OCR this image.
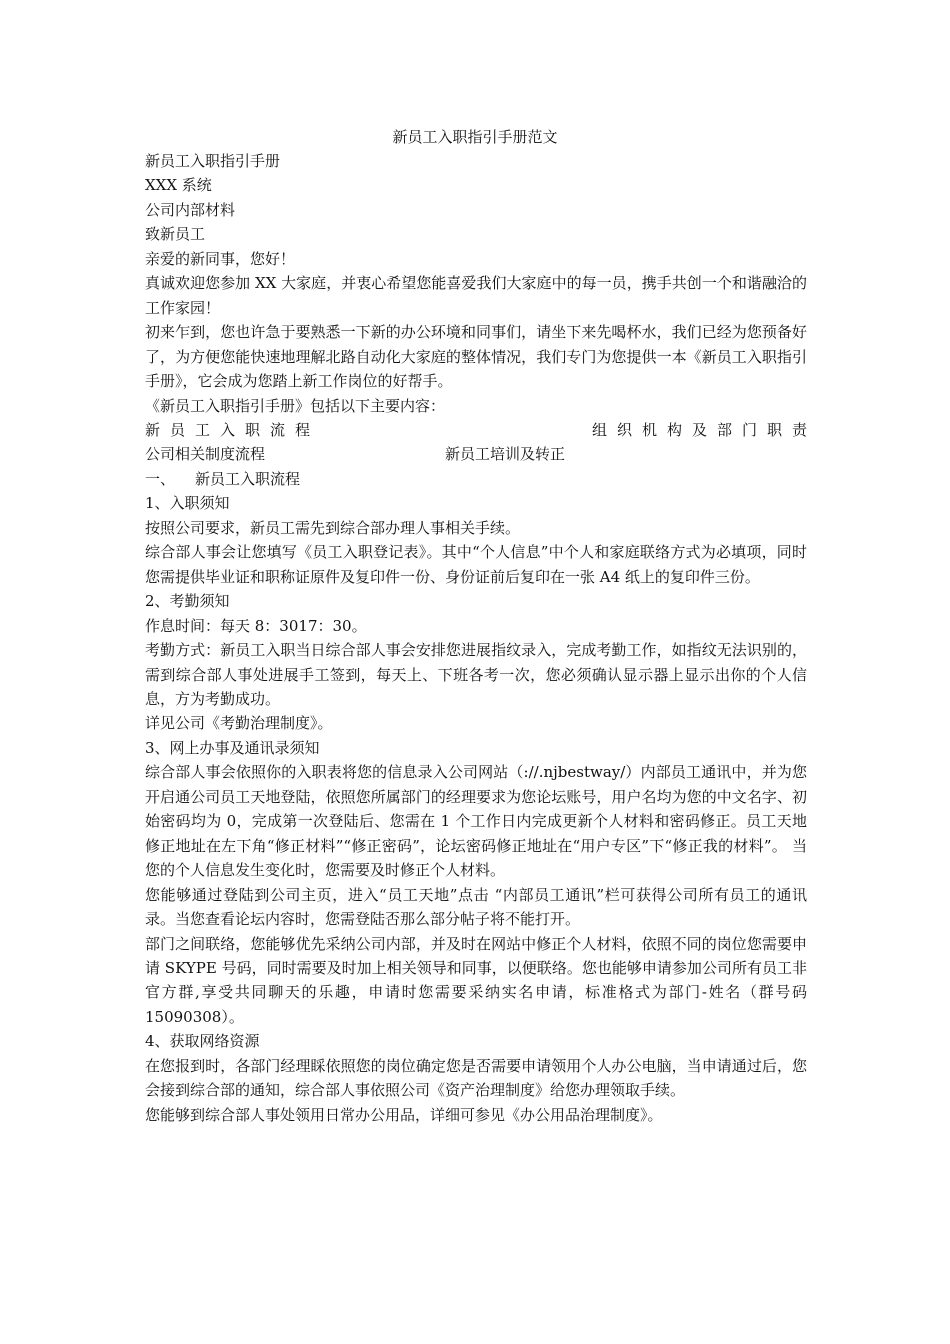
新员工入职指引手册范文

新员工入职指引手册

XXX 系统

公司内部材料

致新员工

亲爱的新同事，您好！

真诚欢迎您参加 XX 大家庭，并衷心希望您能喜爱我们大家庭中的每一员，携手共创一个和谐融洽的工作家园！

初来乍到，您也许急于要熟悉一下新的办公环境和同事们，请坐下来先喝杯水，我们已经为您预备好了，为方便您能快速地理解北路自动化大家庭的整体情况，我们专门为您提供一本《新员工入职指引手册》，它会成为您踏上新工作岗位的好帮手。

《新员工入职指引手册》包括以下主要内容：

新员工入职流程	组织机构及部门职责
公司相关制度流程	新员工培训及转正

一、 新员工入职流程

1、入职须知

按照公司要求，新员工需先到综合部办理人事相关手续。

综合部人事会让您填写《员工入职登记表》。其中“个人信息”中个人和家庭联络方式为必填项，同时您需提供毕业证和职称证原件及复印件一份、身份证前后复印在一张 A4 纸上的复印件三份。

2、考勤须知

作息时间：每天 8：3017：30。

考勤方式：新员工入职当日综合部人事会安排您进展指纹录入，完成考勤工作，如指纹无法识别的，需到综合部人事处进展手工签到，每天上、下班各考一次，您必须确认显示器上显示出你的个人信息，方为考勤成功。

详见公司《考勤治理制度》。

3、网上办事及通讯录须知

综合部人事会依照你的入职表将您的信息录入公司网站（://.njbestway/）内部员工通讯中，并为您开启通公司员工天地登陆，依照您所属部门的经理要求为您论坛账号，用户名均为您的中文名字、初始密码均为 0，完成第一次登陆后、您需在 1 个工作日内完成更新个人材料和密码修正。员工天地修正地址在左下角“修正材料”“修正密码”，论坛密码修正地址在“用户专区”下“修正我的材料”。 当您的个人信息发生变化时，您需要及时修正个人材料。

您能够通过登陆到公司主页，进入“员工天地”点击 “内部员工通讯”栏可获得公司所有员工的通讯录。当您查看论坛内容时，您需登陆否那么部分帖子将不能打开。

部门之间联络，您能够优先采纳公司内部，并及时在网站中修正个人材料，依照不同的岗位您需要申请 SKYPE 号码，同时需要及时加上相关领导和同事，以便联络。您也能够申请参加公司所有员工非官方群,享受共同聊天的乐趣，申请时您需要采纳实名申请，标准格式为部门-姓名（群号码 15090308）。

4、获取网络资源

在您报到时，各部门经理睬依照您的岗位确定您是否需要申请领用个人办公电脑，当申请通过后，您会接到综合部的通知，综合部人事依照公司《资产治理制度》给您办理领取手续。

您能够到综合部人事处领用日常办公用品，详细可参见《办公用品治理制度》。
